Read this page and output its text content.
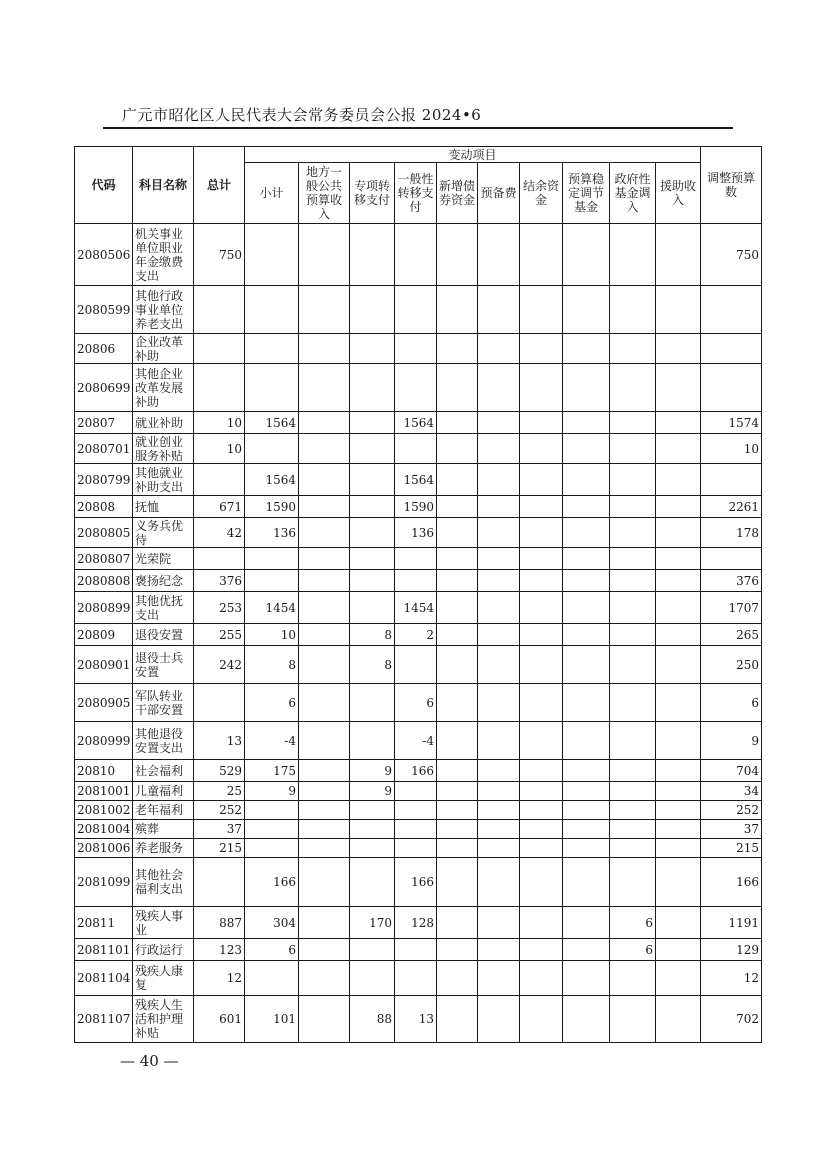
广元市昭化区人民代表大会常务委员会公报 2024•6
代码	科目名称	总计	变动项目										调整预算数
			小计	地方一般公共预算收入	专项转移支付	一般性转移支付	新增债券资金	预备费	结余资金	预算稳定调节基金	政府性基金调入	援助收入	
2080506	机关事业单位职业年金缴费支出	750											750
2080599	其他行政事业单位养老支出												
20806	企业改革补助												
2080699	其他企业改革发展补助												
20807	就业补助	10	1564			1564							1574
2080701	就业创业服务补贴	10											10
2080799	其他就业补助支出		1564			1564							
20808	抚恤	671	1590			1590							2261
2080805	义务兵优待	42	136			136							178
2080807	光荣院												
2080808	褒扬纪念	376											376
2080899	其他优抚支出	253	1454			1454							1707
20809	退役安置	255	10		8	2							265
2080901	退役士兵安置	242	8		8								250
2080905	军队转业干部安置		6			6							6
2080999	其他退役安置支出	13	-4			-4							9
20810	社会福利	529	175		9	166							704
2081001	儿童福利	25	9		9								34
2081002	老年福利	252											252
2081004	殡葬	37											37
2081006	养老服务	215											215
2081099	其他社会福利支出		166			166							166
20811	残疾人事业	887	304		170	128					6		1191
2081101	行政运行	123	6								6		129
2081104	残疾人康复	12											12
2081107	残疾人生活和护理补贴	601	101		88	13							702
— 40 —
